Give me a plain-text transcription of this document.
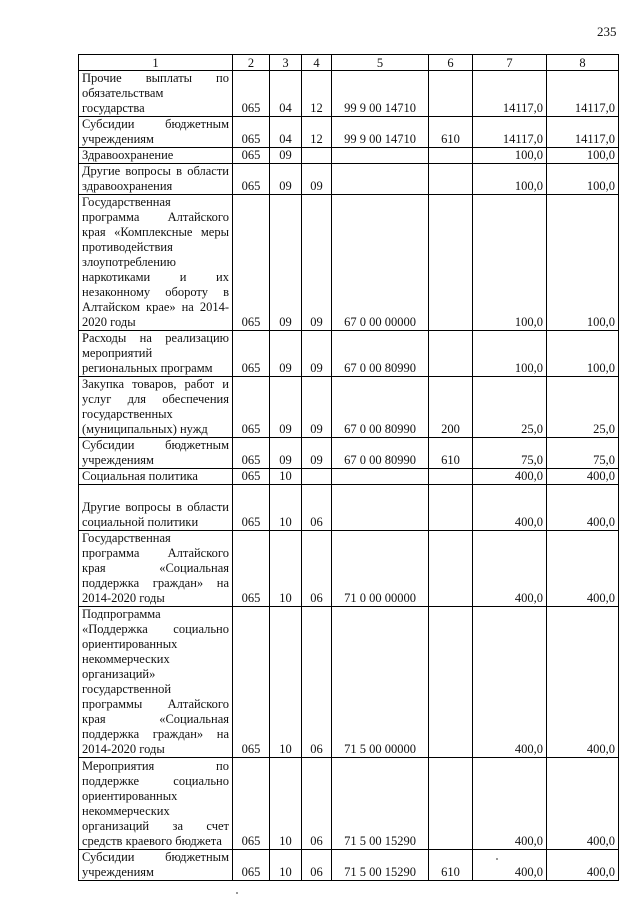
235
1	2	3	4	5	6	7	8
Прочие выплаты по обязательствам государства	065	04	12	99 9 00 14710		14117,0	14117,0
Субсидии бюджетным учреждениям	065	04	12	99 9 00 14710	610	14117,0	14117,0
Здравоохранение	065	09				100,0	100,0
Другие вопросы в области здравоохранения	065	09	09			100,0	100,0
Государственная программа Алтайского края «Комплексные меры противодействия злоупотреблению наркотиками и их незаконному обороту в Алтайском крае» на 2014-2020 годы	065	09	09	67 0 00 00000		100,0	100,0
Расходы на реализацию мероприятий региональных программ	065	09	09	67 0 00 80990		100,0	100,0
Закупка товаров, работ и услуг для обеспечения государственных (муниципальных) нужд	065	09	09	67 0 00 80990	200	25,0	25,0
Субсидии бюджетным учреждениям	065	09	09	67 0 00 80990	610	75,0	75,0
Социальная политика	065	10				400,0	400,0
Другие вопросы в области социальной политики	065	10	06			400,0	400,0
Государственная программа Алтайского края «Социальная поддержка граждан» на 2014-2020 годы	065	10	06	71 0 00 00000		400,0	400,0
Подпрограмма «Поддержка социально ориентированных некоммерческих организаций» государственной программы Алтайского края «Социальная поддержка граждан» на 2014-2020 годы	065	10	06	71 5 00 00000		400,0	400,0
Мероприятия по поддержке социально ориентированных некоммерческих организаций за счет средств краевого бюджета	065	10	06	71 5 00 15290		400,0	400,0
Субсидии бюджетным учреждениям	065	10	06	71 5 00 15290	610	400,0	400,0
